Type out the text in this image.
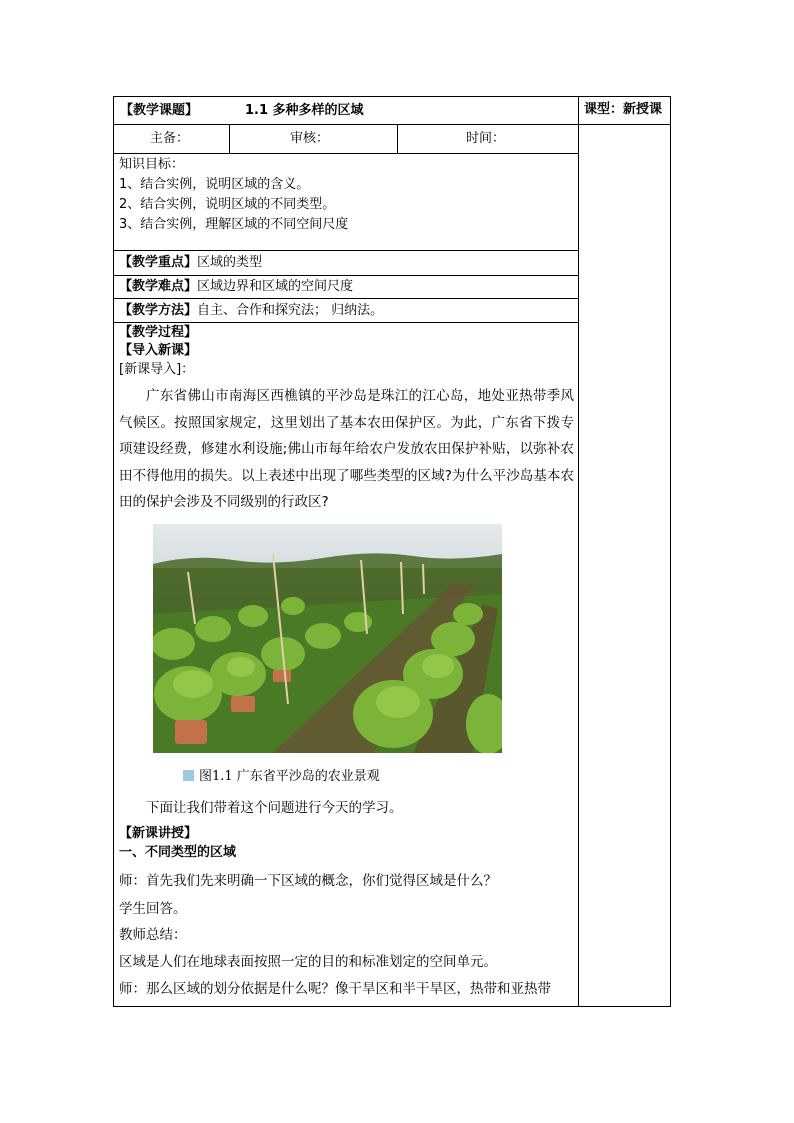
【教学课题】	1.1 多种多样的区域	课型：新授课
主备：	审核：	时间：
知识目标：
1、结合实例，说明区域的含义。
2、结合实例，说明区域的不同类型。
3、结合实例，理解区域的不同空间尺度
【教学重点】区域的类型
【教学难点】区域边界和区域的空间尺度
【教学方法】自主、合作和探究法； 归纳法。
【教学过程】
【导入新课】
[新课导入]：
广东省佛山市南海区西樵镇的平沙岛是珠江的江心岛，地处亚热带季风气候区。按照国家规定，这里划出了基本农田保护区。为此，广东省下拨专项建设经费，修建水利设施;佛山市每年给农户发放农田保护补贴，以弥补农田不得他用的损失。以上表述中出现了哪些类型的区域?为什么平沙岛基本农田的保护会涉及不同级别的行政区?
图1.1 广东省平沙岛的农业景观
下面让我们带着这个问题进行今天的学习。
【新课讲授】
一、不同类型的区域
师：首先我们先来明确一下区域的概念，你们觉得区域是什么？
学生回答。
教师总结：
区域是人们在地球表面按照一定的目的和标准划定的空间单元。
师：那么区域的划分依据是什么呢？像干旱区和半干旱区，热带和亚热带
